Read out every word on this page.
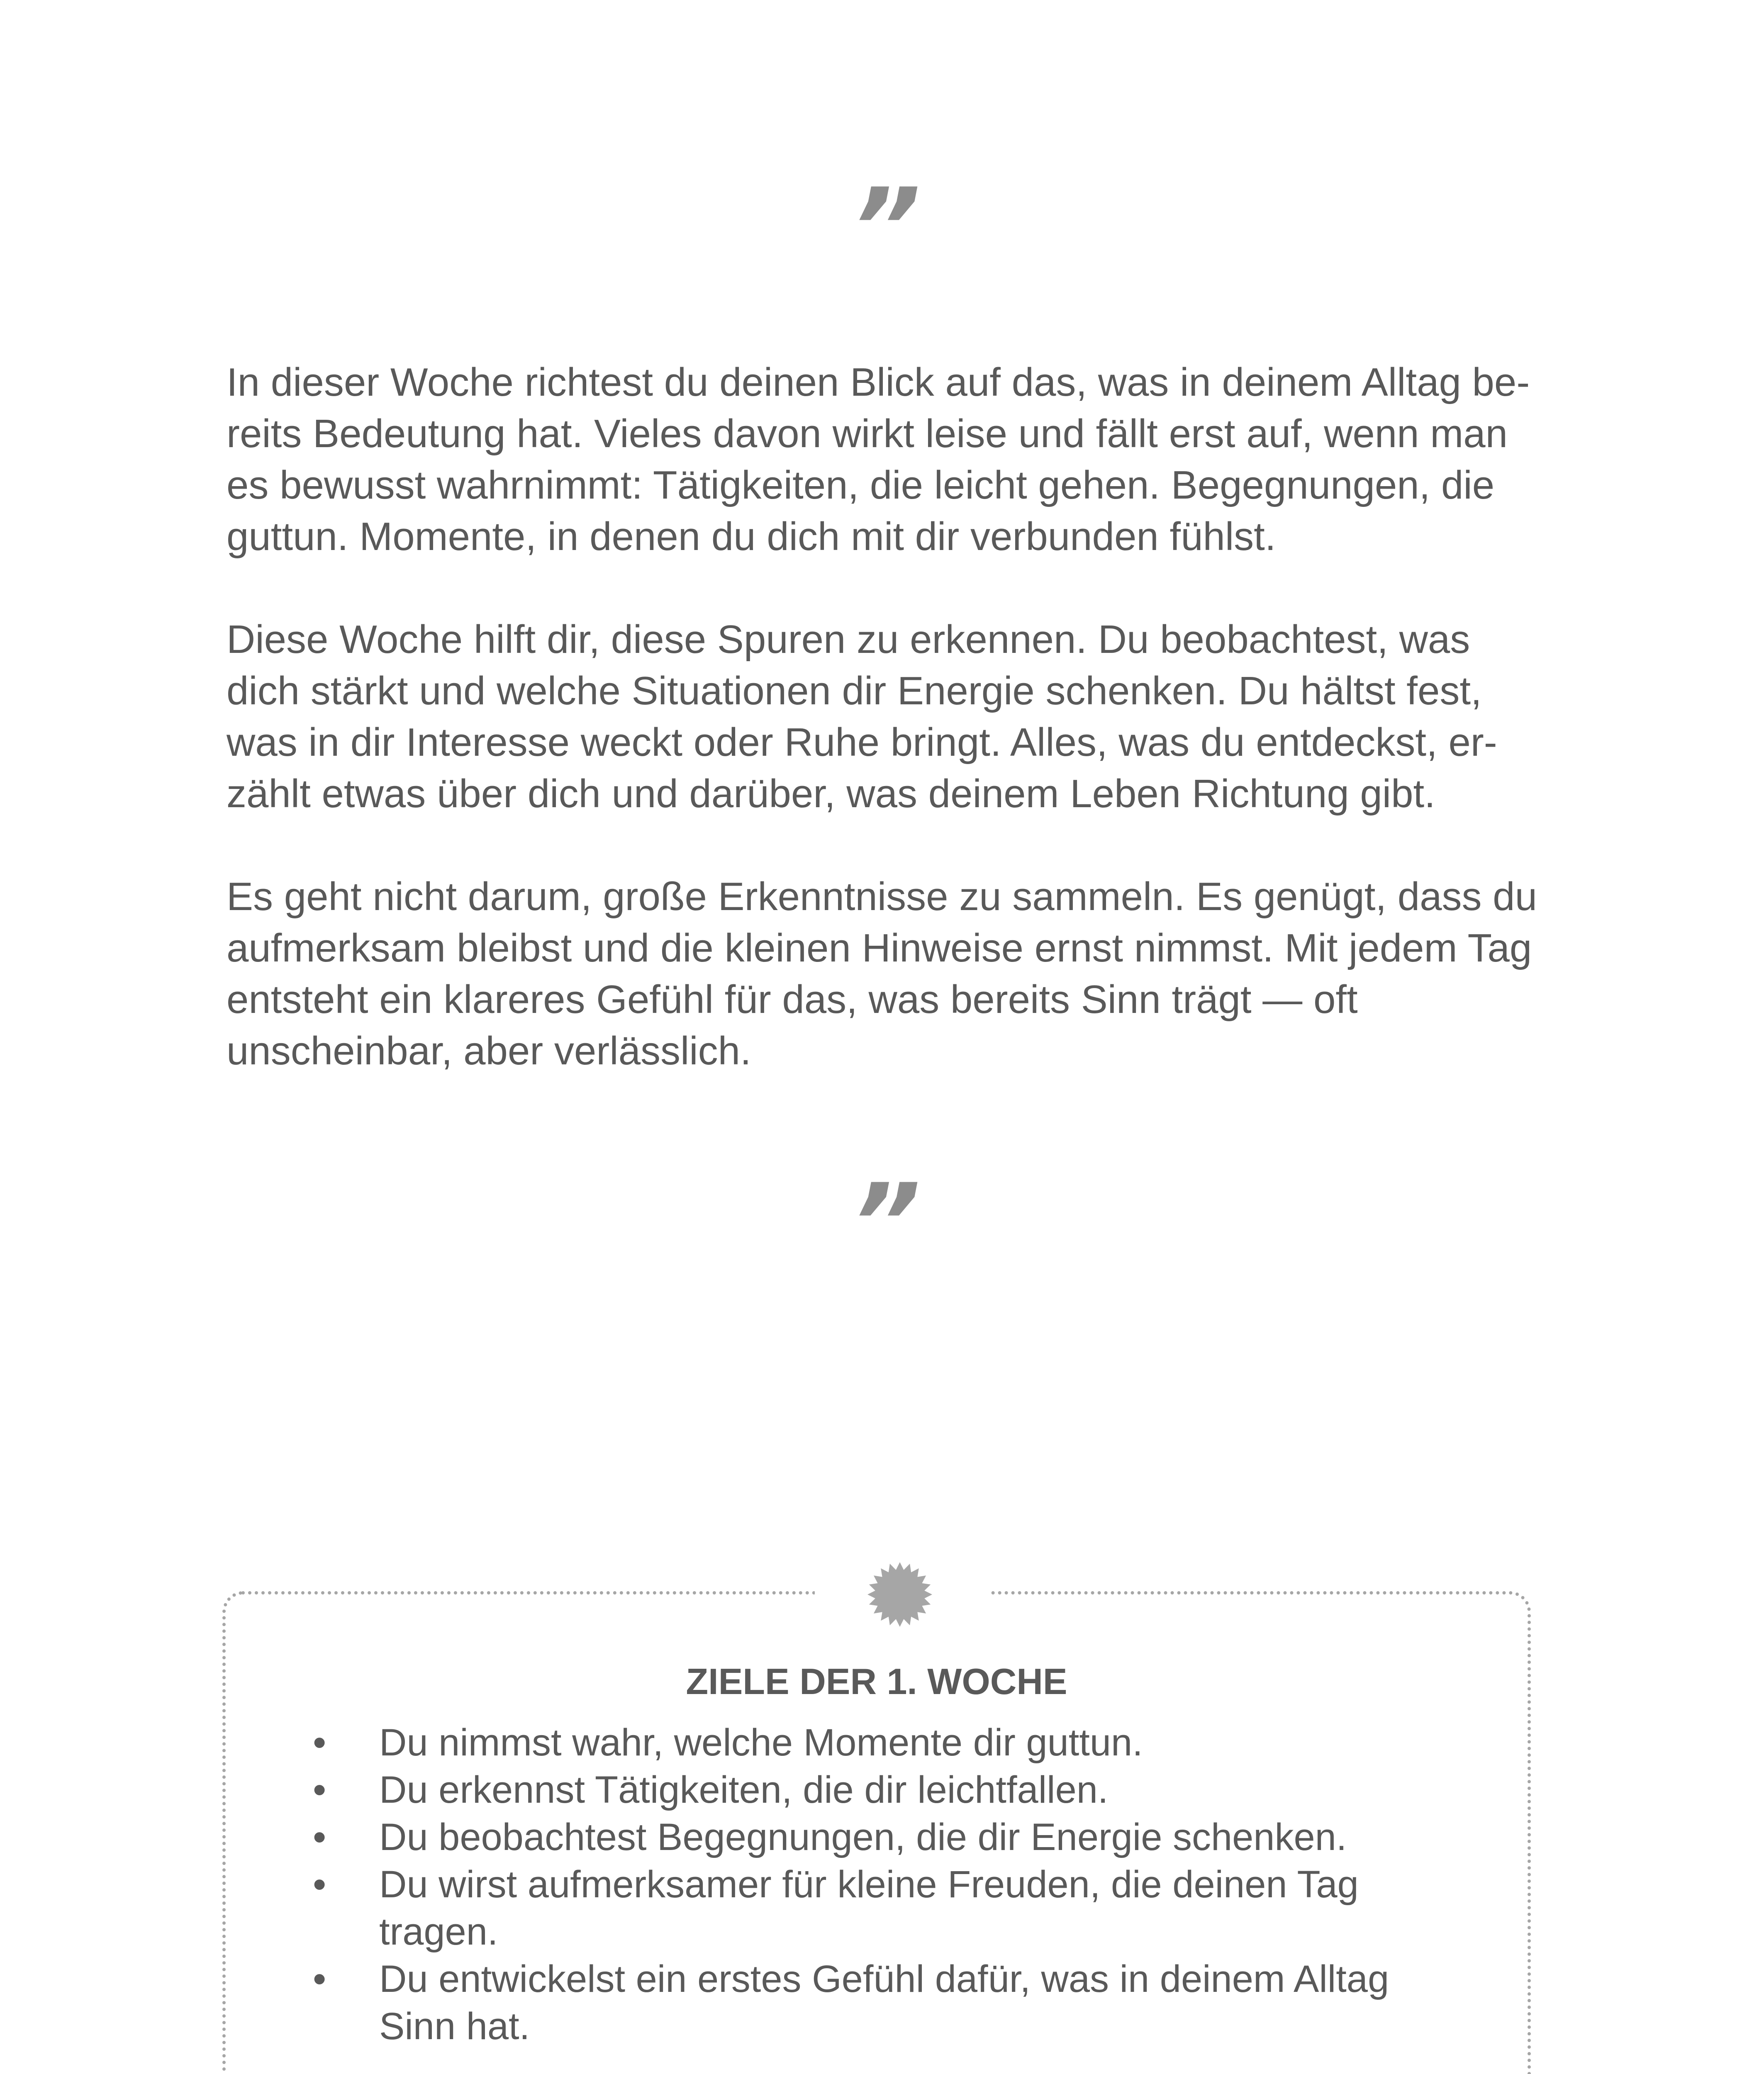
”

In dieser Woche richtest du deinen Blick auf das, was in deinem Alltag bereits Bedeutung hat. Vieles davon wirkt leise und fällt erst auf, wenn man es bewusst wahrnimmt: Tätigkeiten, die leicht gehen. Begegnungen, die guttun. Momente, in denen du dich mit dir verbunden fühlst.

Diese Woche hilft dir, diese Spuren zu erkennen. Du beobachtest, was dich stärkt und welche Situationen dir Energie schenken. Du hältst fest, was in dir Interesse weckt oder Ruhe bringt. Alles, was du entdeckst, erzählt etwas über dich und darüber, was deinem Leben Richtung gibt.

Es geht nicht darum, große Erkenntnisse zu sammeln. Es genügt, dass du aufmerksam bleibst und die kleinen Hinweise ernst nimmst. Mit jedem Tag entsteht ein klareres Gefühl für das, was bereits Sinn trägt — oft unscheinbar, aber verlässlich.

”
ZIELE DER 1. WOCHE
•	Du nimmst wahr, welche Momente dir guttun.
•	Du erkennst Tätigkeiten, die dir leichtfallen.
•	Du beobachtest Begegnungen, die dir Energie schenken.
•	Du wirst aufmerksamer für kleine Freuden, die deinen Tag tragen.
•	Du entwickelst ein erstes Gefühl dafür, was in deinem Alltag Sinn hat.
